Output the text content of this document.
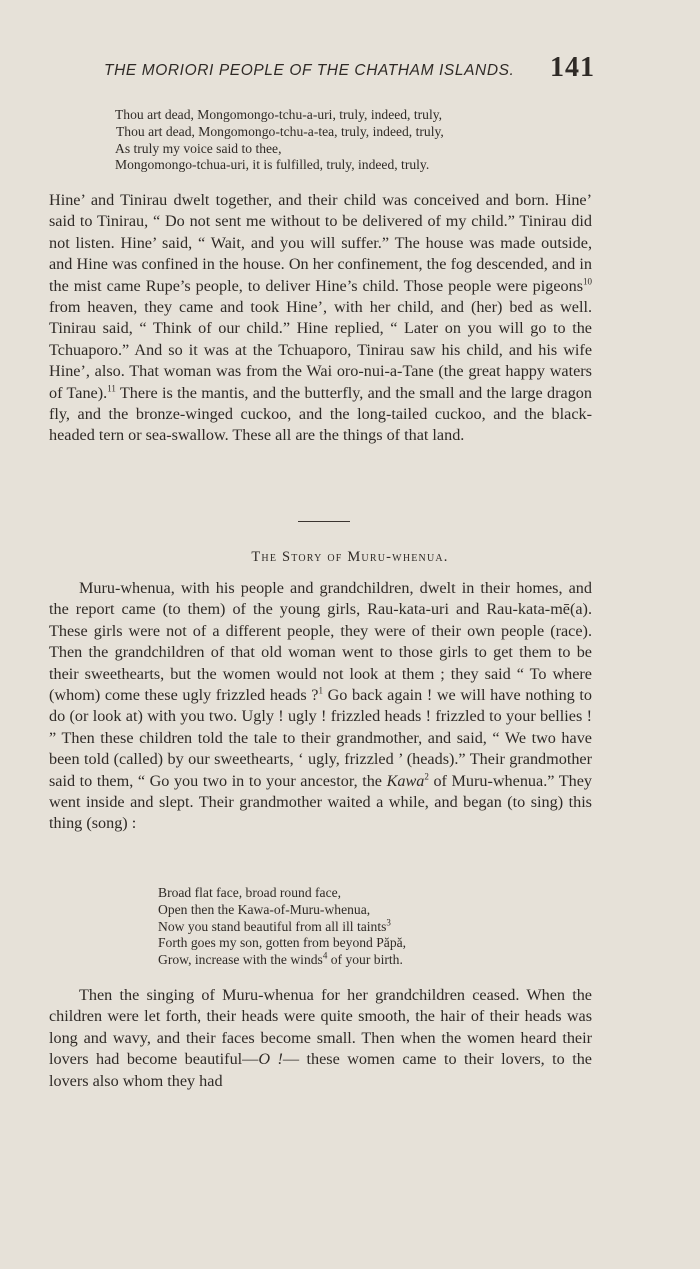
THE MORIORI PEOPLE OF THE CHATHAM ISLANDS.	141
Thou art dead, Mongomongo-tchu-a-uri, truly, indeed, truly,
Thou art dead, Mongomongo-tchu-a-tea, truly, indeed, truly,
As truly my voice said to thee,
Mongomongo-tchua-uri, it is fulfilled, truly, indeed, truly.
Hine’ and Tinirau dwelt together, and their child was conceived and born. Hine’ said to Tinirau, “ Do not sent me without to be delivered of my child.” Tinirau did not listen. Hine’ said, “ Wait, and you will suffer.” The house was made outside, and Hine was confined in the house. On her confinement, the fog descended, and in the mist came Rupe’s people, to deliver Hine’s child. Those people were pigeons$^{10}$ from heaven, they came and took Hine’, with her child, and (her) bed as well. Tinirau said, “ Think of our child.” Hine replied, “ Later on you will go to the Tchuaporo.” And so it was at the Tchuaporo, Tinirau saw his child, and his wife Hine’, also. That woman was from the Wai oro-nui-a-Tane (the great happy waters of Tane).$^{11}$ There is the mantis, and the butterfly, and the small and the large dragon fly, and the bronze-winged cuckoo, and the long-tailed cuckoo, and the black-headed tern or sea-swallow. These all are the things of that land.
The Story of Muru-whenua.
Muru-whenua, with his people and grandchildren, dwelt in their homes, and the report came (to them) of the young girls, Rau-kata-uri and Rau-kata-mē(a). These girls were not of a different people, they were of their own people (race). Then the grandchildren of that old woman went to those girls to get them to be their sweethearts, but the women would not look at them ; they said “ To where (whom) come these ugly frizzled heads ?$^1$ Go back again ! we will have nothing to do (or look at) with you two. Ugly ! ugly ! frizzled heads ! frizzled to your bellies ! ” Then these children told the tale to their grandmother, and said, “ We two have been told (called) by our sweethearts, ‘ ugly, frizzled ’ (heads).” Their grandmother said to them, “ Go you two in to your ancestor, the Kawa$^2$ of Muru-whenua.” They went inside and slept. Their grandmother waited a while, and began (to sing) this thing (song) :
Broad flat face, broad round face,
Open then the Kawa-of-Muru-whenua,
Now you stand beautiful from all ill taints$^3$
Forth goes my son, gotten from beyond Păpă,
Grow, increase with the winds$^4$ of your birth.
Then the singing of Muru-whenua for her grandchildren ceased. When the children were let forth, their heads were quite smooth, the hair of their heads was long and wavy, and their faces become small. Then when the women heard their lovers had become beautiful—O !— these women came to their lovers, to the lovers also whom they had
